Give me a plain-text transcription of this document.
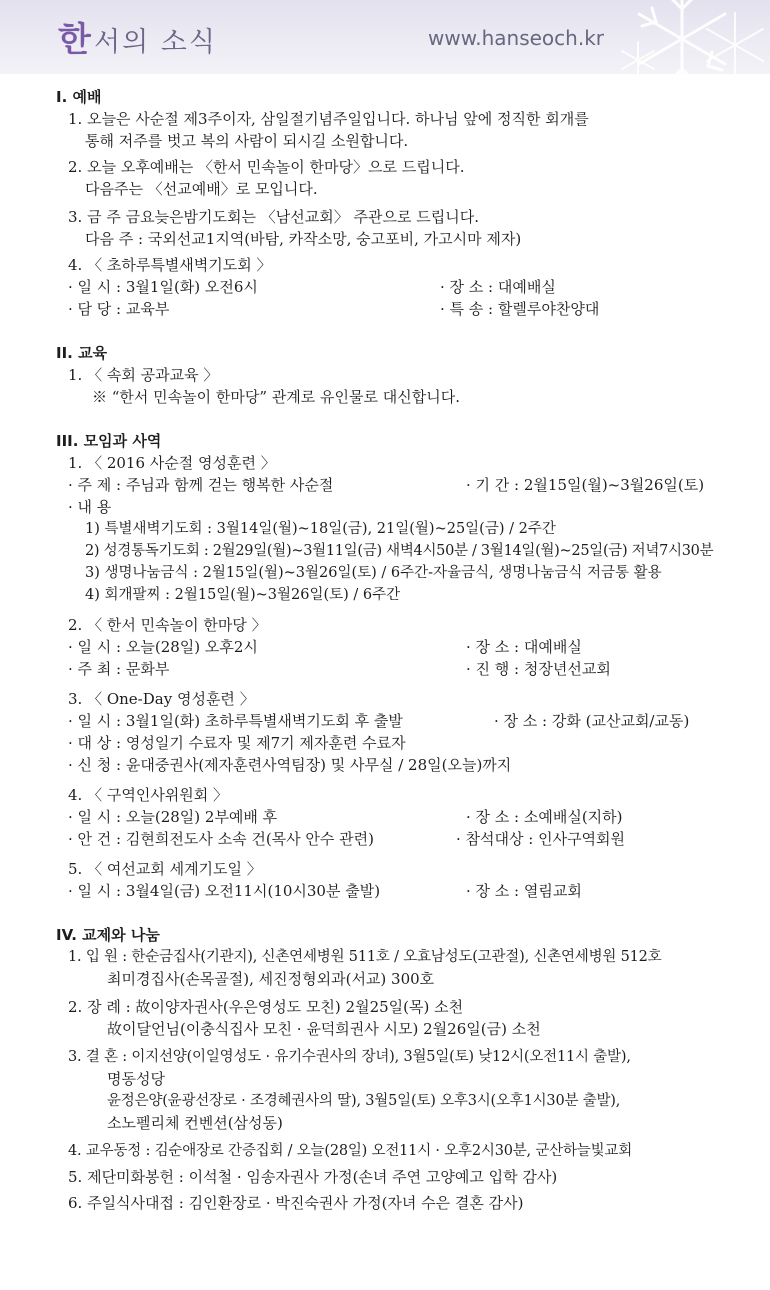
한 서의 소식	www.hanseoch.kr
I. 예배
1. 오늘은 사순절 제3주이자, 삼일절기념주일입니다. 하나님 앞에 정직한 회개를
통해 저주를 벗고 복의 사람이 되시길 소원합니다.
2. 오늘 오후예배는 〈한서 민속놀이 한마당〉으로 드립니다.
다음주는 〈선교예배〉로 모입니다.
3. 금 주 금요늦은밤기도회는 〈남선교회〉 주관으로 드립니다.
다음 주 : 국외선교1지역(바탐, 카작소망, 숭고포비, 가고시마 제자)
4. 〈 초하루특별새벽기도회 〉
· 일 시 : 3월1일(화) 오전6시	· 장 소 : 대예배실
· 담 당 : 교육부	· 특 송 : 할렐루야찬양대
II. 교육
1. 〈 속회 공과교육 〉
※ “한서 민속놀이 한마당” 관계로 유인물로 대신합니다.
III. 모임과 사역
1. 〈 2016 사순절 영성훈련 〉
· 주 제 : 주님과 함께 걷는 행복한 사순절	· 기 간 : 2월15일(월)~3월26일(토)
· 내 용
1) 특별새벽기도회 : 3월14일(월)~18일(금), 21일(월)~25일(금) / 2주간
2) 성경통독기도회 : 2월29일(월)~3월11일(금) 새벽4시50분 / 3월14일(월)~25일(금) 저녁7시30분
3) 생명나눔금식 : 2월15일(월)~3월26일(토) / 6주간-자율금식, 생명나눔금식 저금통 활용
4) 회개팔찌 : 2월15일(월)~3월26일(토) / 6주간
2. 〈 한서 민속놀이 한마당 〉
· 일 시 : 오늘(28일) 오후2시	· 장 소 : 대예배실
· 주 최 : 문화부	· 진 행 : 청장년선교회
3. 〈 One-Day 영성훈련 〉
· 일 시 : 3월1일(화) 초하루특별새벽기도회 후 출발	· 장 소 : 강화 (교산교회/교동)
· 대 상 : 영성일기 수료자 및 제7기 제자훈련 수료자
· 신 청 : 윤대중권사(제자훈련사역팀장) 및 사무실 / 28일(오늘)까지
4. 〈 구역인사위원회 〉
· 일 시 : 오늘(28일) 2부예배 후	· 장 소 : 소예배실(지하)
· 안 건 : 김현희전도사 소속 건(목사 안수 관련)	· 참석대상 : 인사구역회원
5. 〈 여선교회 세계기도일 〉
· 일 시 : 3월4일(금) 오전11시(10시30분 출발)	· 장 소 : 열림교회
IV. 교제와 나눔
1. 입 원 : 한순금집사(기관지), 신촌연세병원 511호 / 오효남성도(고관절), 신촌연세병원 512호
최미경집사(손목골절), 세진정형외과(서교) 300호
2. 장 례 : 故이양자권사(우은영성도 모친) 2월25일(목) 소천
故이달언님(이충식집사 모친 · 윤덕희권사 시모) 2월26일(금) 소천
3. 결 혼 : 이지선양(이일영성도 · 유기수권사의 장녀), 3월5일(토) 낮12시(오전11시 출발),
명동성당
윤정은양(윤광선장로 · 조경혜권사의 딸), 3월5일(토) 오후3시(오후1시30분 출발),
소노펠리체 컨벤션(삼성동)
4. 교우동정 : 김순애장로 간증집회 / 오늘(28일) 오전11시 · 오후2시30분, 군산하늘빛교회
5. 제단미화봉헌 : 이석철 · 임송자권사 가정(손녀 주연 고양예고 입학 감사)
6. 주일식사대접 : 김인환장로 · 박진숙권사 가정(자녀 수은 결혼 감사)
